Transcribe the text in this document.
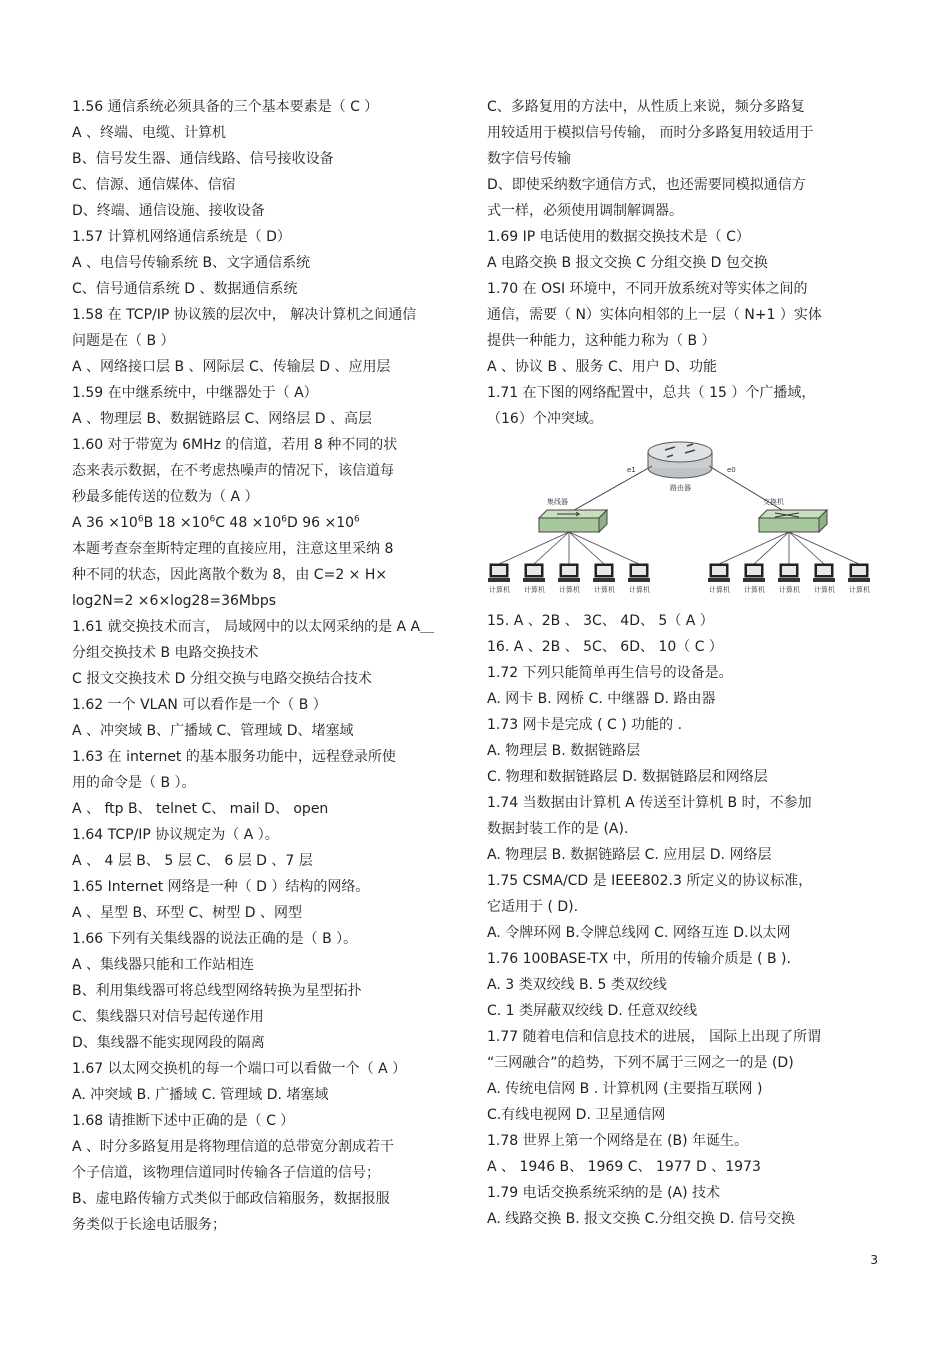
1.56 通信系统必须具备的三个基本要素是（ C ）
A 、终端、电缆、计算机
B、信号发生器、通信线路、信号接收设备
C、信源、通信媒体、信宿
D、终端、通信设施、接收设备
1.57 计算机网络通信系统是（ D）
A 、电信号传输系统 B、文字通信系统
C、信号通信系统 D 、数据通信系统
1.58 在 TCP/IP 协议簇的层次中， 解决计算机之间通信
问题是在（ B ）
A 、网络接口层 B 、网际层 C、传输层 D 、应用层
1.59 在中继系统中，中继器处于（ A）
A 、物理层 B、数据链路层 C、网络层 D 、高层
1.60 对于带宽为 6MHz 的信道，若用 8 种不同的状
态来表示数据，在不考虑热噪声的情况下，该信道每
秒最多能传送的位数为（ A ）
A $36 \times 10^6B$ $18 \times 10^6C$ $48 \times 10^6D$ $96 \times 10^6$
本题考查奈奎斯特定理的直接应用，注意这里采纳 8
种不同的状态，因此离散个数为 8，由 C=2 × H×
log2N=2 ×6×log28=36Mbps
1.61 就交换技术而言， 局域网中的以太网采纳的是 A A＿
分组交换技术 B 电路交换技术
C 报文交换技术 D 分组交换与电路交换结合技术
1.62 一个 VLAN 可以看作是一个（ B ）
A 、冲突域 B、广播域 C、管理域 D、堵塞域
1.63 在 internet 的基本服务功能中，远程登录所使
用的命令是（ B ）。
A 、 ftp B、 telnet C、 mail D、 open
1.64 TCP/IP 协议规定为（ A ）。
A 、 4 层 B、 5 层 C、 6 层 D 、7 层
1.65 Internet 网络是一种（ D ）结构的网络。
A 、星型 B、环型 C、树型 D 、网型
1.66 下列有关集线器的说法正确的是（ B ）。
A 、集线器只能和工作站相连
B、利用集线器可将总线型网络转换为星型拓扑
C、集线器只对信号起传递作用
D、集线器不能实现网段的隔离
1.67 以太网交换机的每一个端口可以看做一个（ A ）
A. 冲突域 B. 广播域 C. 管理域 D. 堵塞域
1.68 请推断下述中正确的是（ C ）
A 、时分多路复用是将物理信道的总带宽分割成若干
个子信道，该物理信道同时传输各子信道的信号；
B、虚电路传输方式类似于邮政信箱服务，数据报服
务类似于长途电话服务；
C、多路复用的方法中，从性质上来说，频分多路复
用较适用于模拟信号传输， 而时分多路复用较适用于
数字信号传输
D、即使采纳数字通信方式，也还需要同模拟通信方
式一样，必须使用调制解调器。
1.69 IP 电话使用的数据交换技术是（ C）
A 电路交换 B 报文交换 C 分组交换 D 包交换
1.70 在 OSI 环境中，不同开放系统对等实体之间的
通信，需要（ N）实体向相邻的上一层（ N+1 ）实体
提供一种能力，这种能力称为（ B ）
A 、协议 B 、服务 C、用户 D、功能
1.71 在下图的网络配置中，总共（ 15 ）个广播域，
（16）个冲突域。
路由器
e1	e0
集线器	交换机
计算机 计算机 计算机 计算机 计算机	计算机 计算机 计算机 计算机 计算机
15. A 、2B 、 3C、 4D、 5（ A ）
16. A 、2B 、 5C、 6D、 10（ C ）
1.72 下列只能简单再生信号的设备是。
A. 网卡 B. 网桥 C. 中继器 D. 路由器
1.73 网卡是完成 ( C ) 功能的 .
A. 物理层 B. 数据链路层
C. 物理和数据链路层 D. 数据链路层和网络层
1.74 当数据由计算机 A 传送至计算机 B 时，不参加
数据封装工作的是 (A).
A. 物理层 B. 数据链路层 C. 应用层 D. 网络层
1.75 CSMA/CD 是 IEEE802.3 所定义的协议标准，
它适用于 ( D).
A. 令牌环网 B.令牌总线网 C. 网络互连 D.以太网
1.76 100BASE-TX 中，所用的传输介质是 ( B ).
A. 3 类双绞线 B. 5 类双绞线
C. 1 类屏蔽双绞线 D. 任意双绞线
1.77 随着电信和信息技术的进展， 国际上出现了所谓
“三网融合”的趋势，下列不属于三网之一的是 (D)
A. 传统电信网 B . 计算机网 (主要指互联网 )
C.有线电视网 D. 卫星通信网
1.78 世界上第一个网络是在 (B) 年诞生。
A 、 1946 B、 1969 C、 1977 D 、1973
1.79 电话交换系统采纳的是 (A) 技术
A. 线路交换 B. 报文交换 C.分组交换 D. 信号交换
3
